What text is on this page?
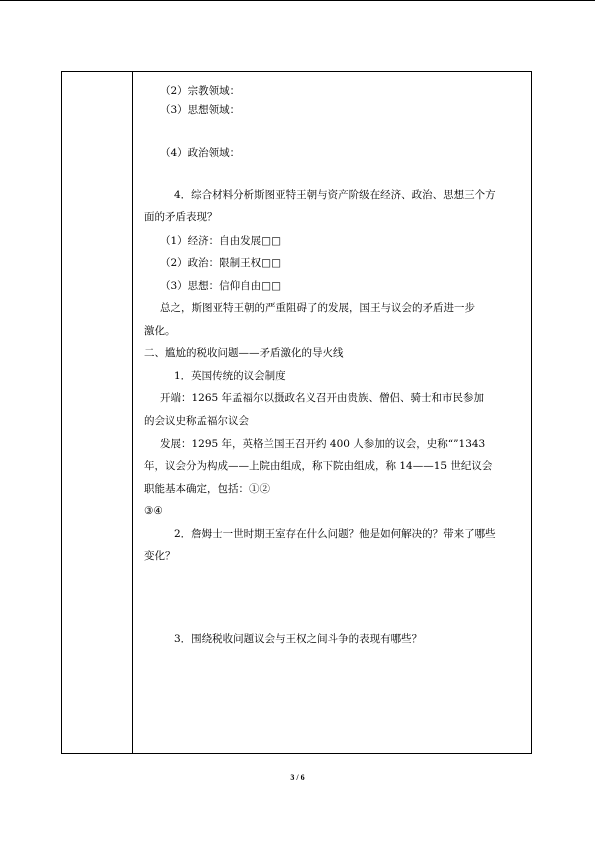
（2）宗教领域：
（3）思想领域：
（4）政治领域：
4．综合材料分析斯图亚特王朝与资产阶级在经济、政治、思想三个方
面的矛盾表现？
（1）经济：自由发展□□
（2）政治：限制王权□□
（3）思想：信仰自由□□
总之，斯图亚特王朝的严重阻碍了的发展，国王与议会的矛盾进一步
激化。
二、尴尬的税收问题——矛盾激化的导火线
1．英国传统的议会制度
开端：1265 年孟福尔以摄政名义召开由贵族、僧侣、骑士和市民参加
的会议史称孟福尔议会
发展：1295 年，英格兰国王召开约 400 人参加的议会，史称“”1343
年，议会分为构成——上院由组成，称下院由组成，称 14——15 世纪议会
职能基本确定，包括：①②
③④
2．詹姆士一世时期王室存在什么问题？他是如何解决的？带来了哪些
变化？
3．围绕税收问题议会与王权之间斗争的表现有哪些？
3 / 6
